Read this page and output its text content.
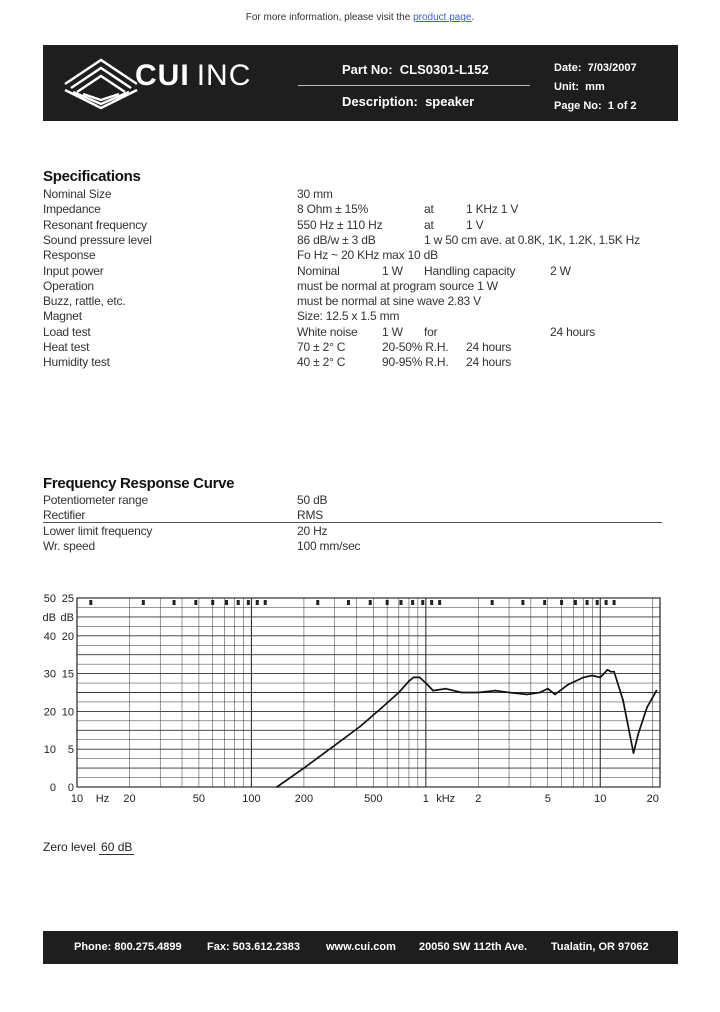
For more information, please visit the product page.
CUI  INC	Part No: CLS0301-L152
Description: speaker
Date: 7/03/2007
Unit: mm
Page No: 1 of 2
Specifications
Nominal Size	30 mm
Impedance	8 Ohm ± 15%	at	1 KHz 1 V
Resonant frequency	550 Hz ± 110 Hz	at	1 V
Sound pressure level	86 dB/w ± 3 dB	1 w 50 cm ave. at 0.8K, 1K, 1.2K, 1.5K Hz
Response	Fo Hz ~ 20 KHz max 10 dB
Input power	Nominal	1 W Handling capacity	2 W
Operation	must be normal at program source 1 W
Buzz, rattle, etc.	must be normal at sine wave 2.83 V
Magnet	Size: 12.5 x 1.5 mm
Load test	White noise 1 W for	24 hours
Heat test	70 ± 2° C	20-50% R.H. 24 hours
Humidity test	40 ± 2° C	90-95% R.H. 24 hours
Frequency Response Curve
Potentiometer range	50 dB
Rectifier	RMS
Lower limit frequency	20 Hz
Wr. speed	100 mm/sec
0
10
20
30
40
50
0
5
10
15
20
25
dB dB
10 Hz 20	50	100	200	500	1 kHz 2	5	10	20
Zero level 60 dB
Phone: 800.275.4899 Fax: 503.612.2383 www.cui.com 20050 SW 112th Ave. Tualatin, OR 97062
